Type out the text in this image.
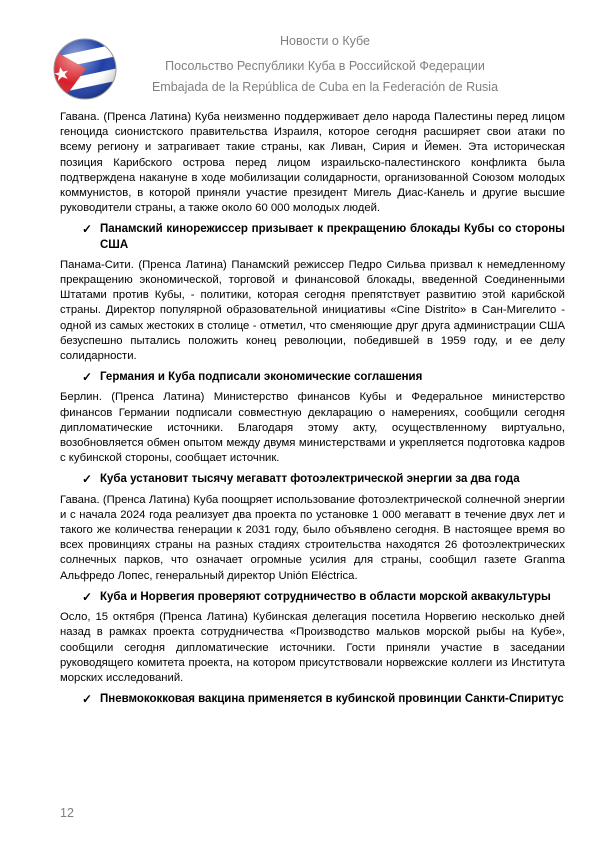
Новости о Кубе
Посольство Республики Куба в Российской Федерации
Embajada de la República de Cuba en la Federación de Rusia

Гавана. (Пренса Латина) Куба неизменно поддерживает дело народа Палестины перед лицом геноцида сионистского правительства Израиля, которое сегодня расширяет свои атаки по всему региону и затрагивает такие страны, как Ливан, Сирия и Йемен. Эта историческая позиция Карибского острова перед лицом израильско-палестинского конфликта была подтверждена накануне в ходе мобилизации солидарности, организованной Союзом молодых коммунистов, в которой приняли участие президент Мигель Диас-Канель и другие высшие руководители страны, а также около 60 000 молодых людей.

✓ Панамский кинорежиссер призывает к прекращению блокады Кубы со стороны США

Панама-Сити. (Пренса Латина) Панамский режиссер Педро Сильва призвал к немедленному прекращению экономической, торговой и финансовой блокады, введенной Соединенными Штатами против Кубы, - политики, которая сегодня препятствует развитию этой карибской страны. Директор популярной образовательной инициативы «Cine Distrito» в Сан-Мигелито - одной из самых жестоких в столице - отметил, что сменяющие друг друга администрации США безуспешно пытались положить конец революции, победившей в 1959 году, и ее делу солидарности.

✓ Германия и Куба подписали экономические соглашения

Берлин. (Пренса Латина) Министерство финансов Кубы и Федеральное министерство финансов Германии подписали совместную декларацию о намерениях, сообщили сегодня дипломатические источники. Благодаря этому акту, осуществленному виртуально, возобновляется обмен опытом между двумя министерствами и укрепляется подготовка кадров с кубинской стороны, сообщает источник.

✓ Куба установит тысячу мегаватт фотоэлектрической энергии за два года

Гавана. (Пренса Латина) Куба поощряет использование фотоэлектрической солнечной энергии и с начала 2024 года реализует два проекта по установке 1 000 мегаватт в течение двух лет и такого же количества генерации к 2031 году, было объявлено сегодня. В настоящее время во всех провинциях страны на разных стадиях строительства находятся 26 фотоэлектрических солнечных парков, что означает огромные усилия для страны, сообщил газете Granma Альфредо Лопес, генеральный директор Unión Eléctrica.

✓ Куба и Норвегия проверяют сотрудничество в области морской аквакультуры

Осло, 15 октября (Пренса Латина) Кубинская делегация посетила Норвегию несколько дней назад в рамках проекта сотрудничества «Производство мальков морской рыбы на Кубе», сообщили сегодня дипломатические источники. Гости приняли участие в заседании руководящего комитета проекта, на котором присутствовали норвежские коллеги из Института морских исследований.

✓ Пневмококковая вакцина применяется в кубинской провинции Санкти-Спиритус
12
